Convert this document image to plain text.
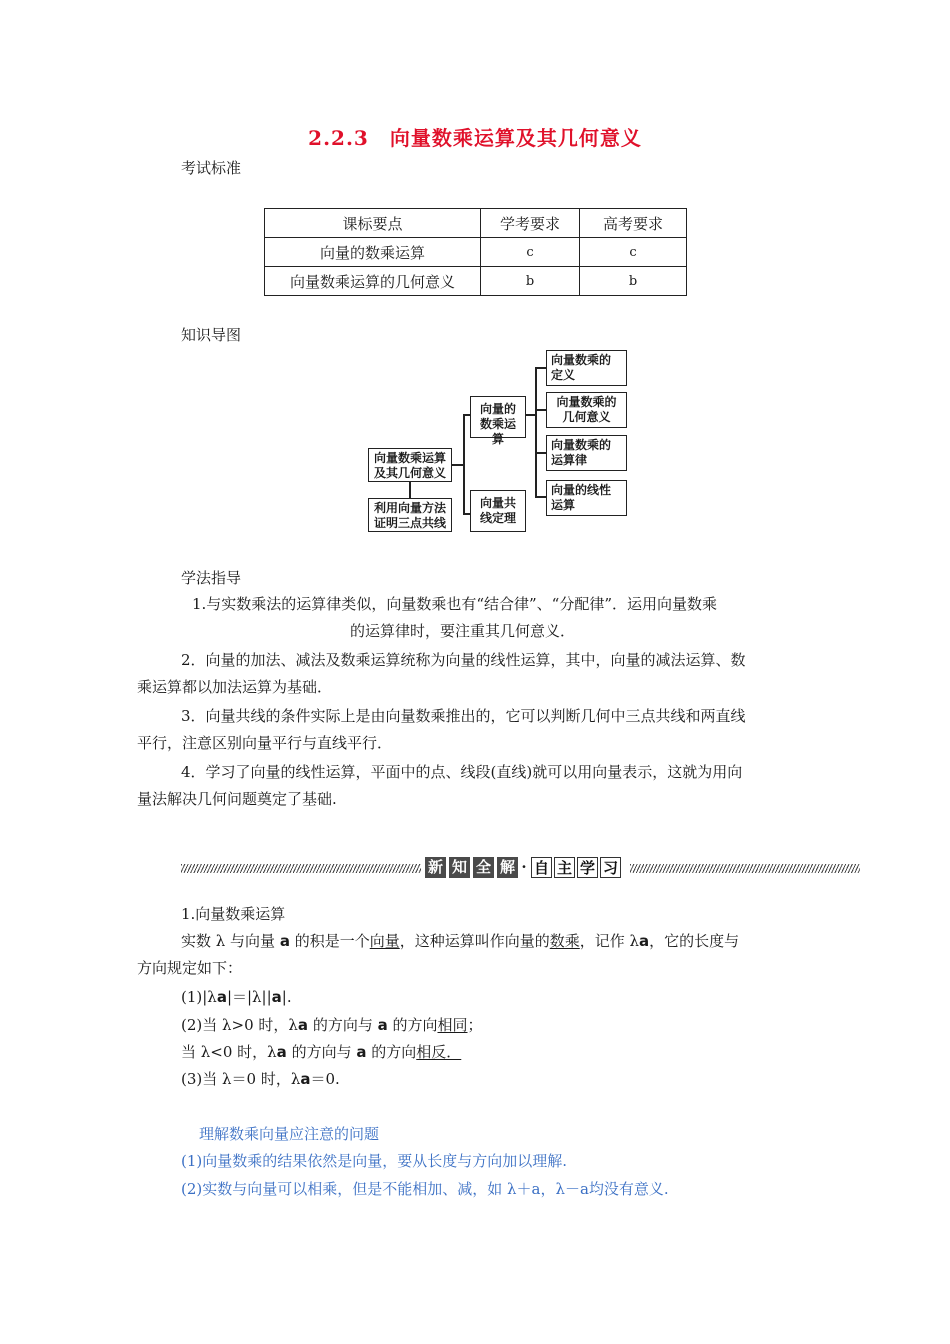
2.2.3　向量数乘运算及其几何意义
考试标准
课标要点	学考要求	高考要求
向量的数乘运算	c	c
向量数乘运算的几何意义	b	b
知识导图
向量数乘运算及其几何意义
利用向量方法证明三点共线
向量的数乘运算
向量共线定理
向量数乘的定义
向量数乘的几何意义
向量数乘的运算律
向量的线性运算
学法指导
1.与实数乘法的运算律类似，向量数乘也有“结合律”、“分配律”．运用向量数乘
的运算律时，要注重其几何意义．
2．向量的加法、减法及数乘运算统称为向量的线性运算，其中，向量的减法运算、数
乘运算都以加法运算为基础．
3．向量共线的条件实际上是由向量数乘推出的，它可以判断几何中三点共线和两直线
平行，注意区别向量平行与直线平行．
4．学习了向量的线性运算，平面中的点、线段(直线)就可以用向量表示，这就为用向
量法解决几何问题奠定了基础.
新 知 全 解 · 自 主 学 习
1.向量数乘运算
实数 λ 与向量 a 的积是一个向量，这种运算叫作向量的数乘，记作 λa，它的长度与
方向规定如下：
(1)|λa|＝|λ||a|.
(2)当 λ>0 时，λa 的方向与 a 的方向相同；
当 λ<0 时，λa 的方向与 a 的方向相反．
(3)当 λ＝0 时，λa＝0.
理解数乘向量应注意的问题
(1)向量数乘的结果依然是向量，要从长度与方向加以理解.
(2)实数与向量可以相乘，但是不能相加、减，如 λ＋a，λ－a均没有意义.
